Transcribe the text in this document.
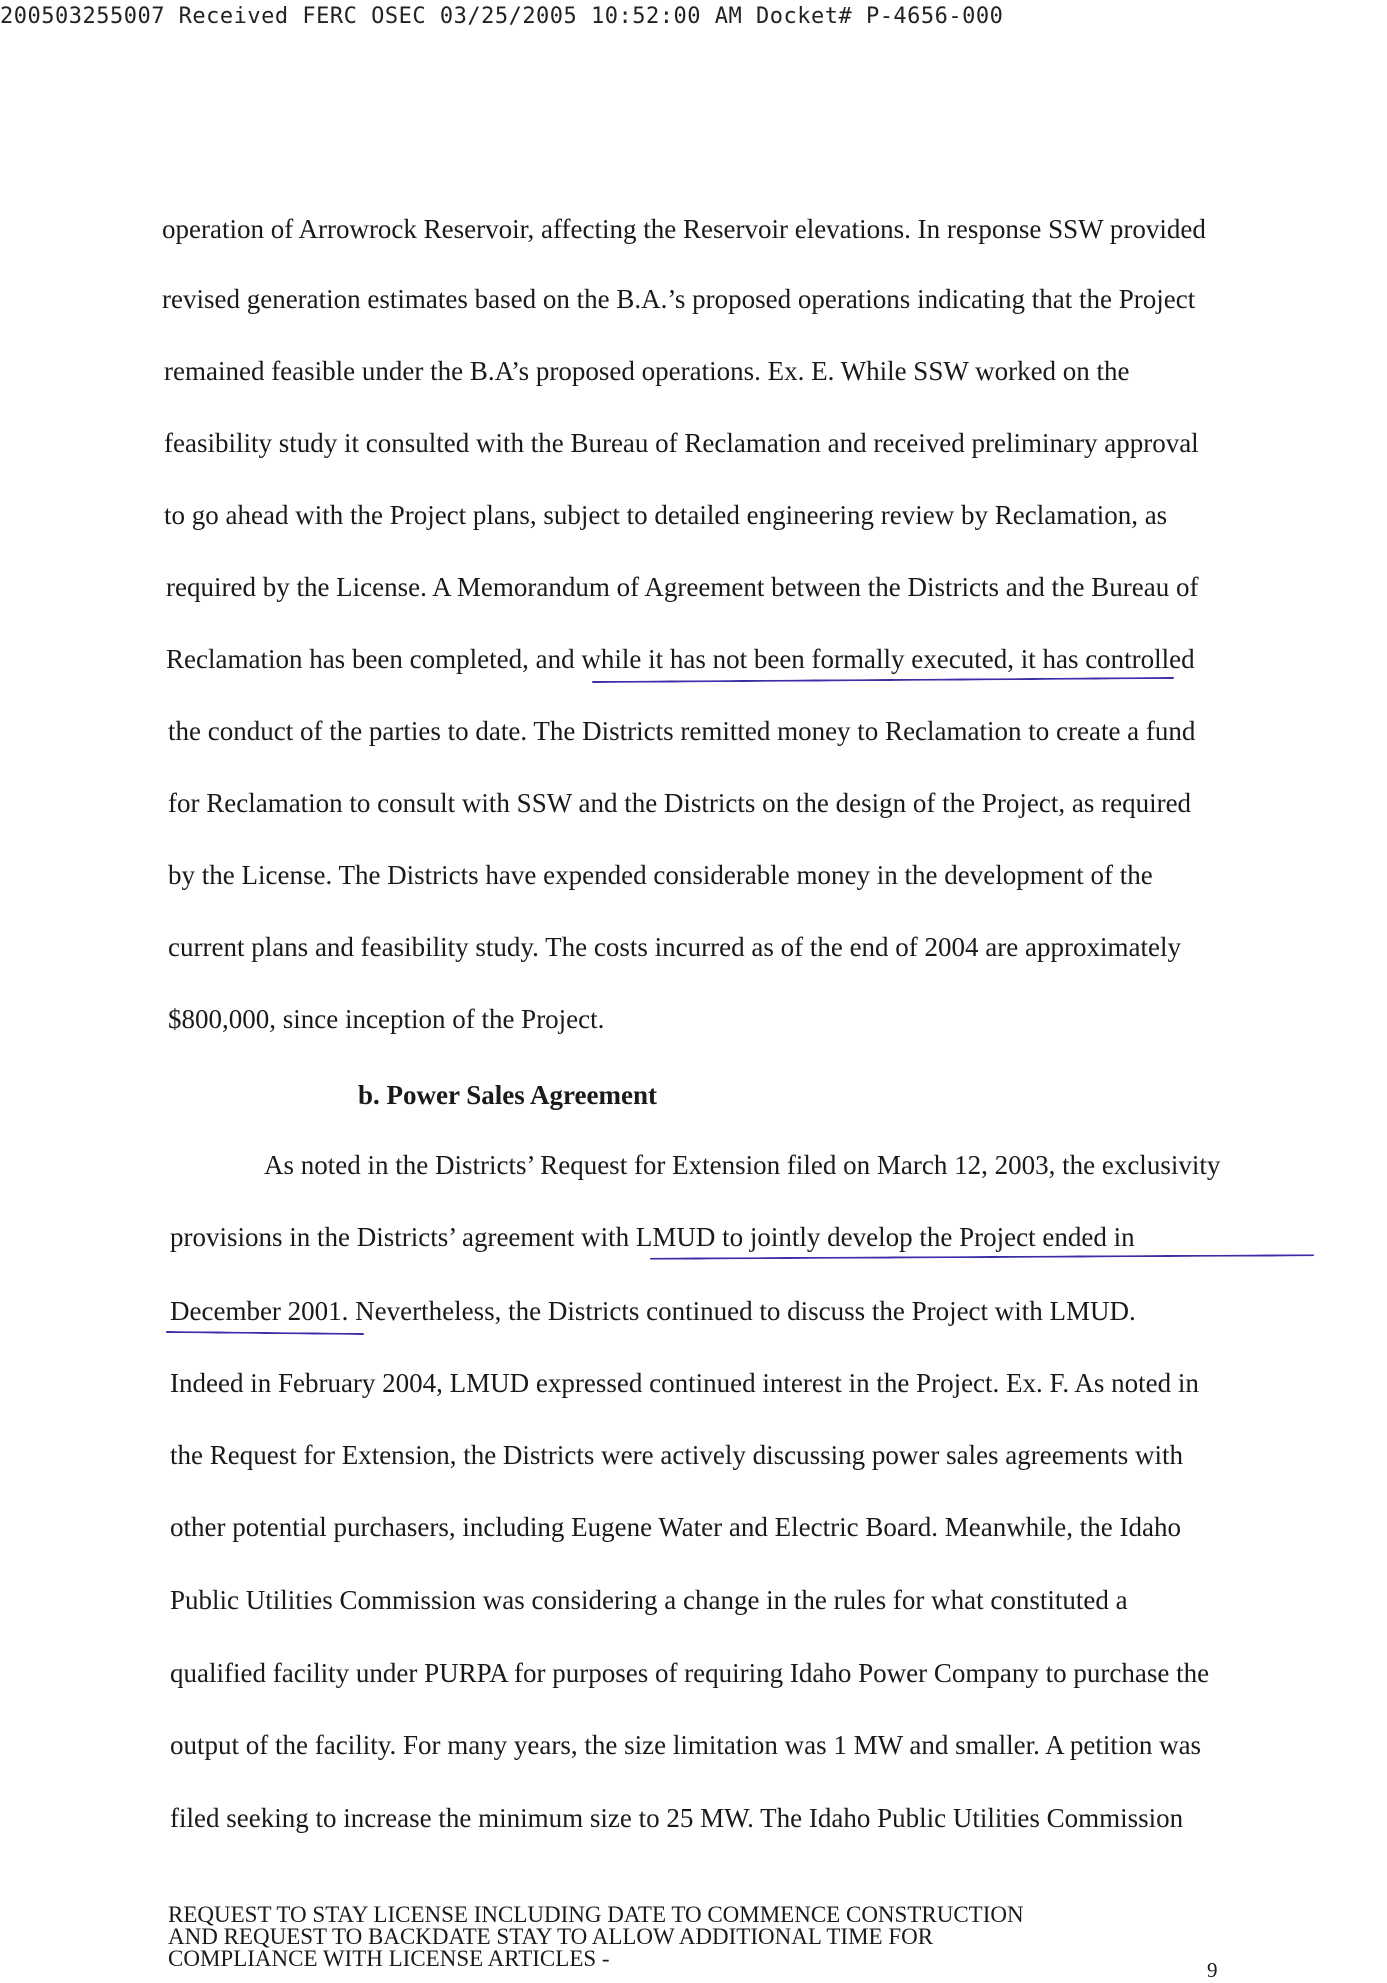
200503255007 Received FERC OSEC 03/25/2005 10:52:00 AM Docket# P-4656-000
operation of Arrowrock Reservoir, affecting the Reservoir elevations. In response SSW provided
revised generation estimates based on the B.A.’s proposed operations indicating that the Project
remained feasible under the B.A’s proposed operations. Ex. E. While SSW worked on the
feasibility study it consulted with the Bureau of Reclamation and received preliminary approval
to go ahead with the Project plans, subject to detailed engineering review by Reclamation, as
required by the License. A Memorandum of Agreement between the Districts and the Bureau of
Reclamation has been completed, and while it has not been formally executed, it has controlled
the conduct of the parties to date. The Districts remitted money to Reclamation to create a fund
for Reclamation to consult with SSW and the Districts on the design of the Project, as required
by the License. The Districts have expended considerable money in the development of the
current plans and feasibility study. The costs incurred as of the end of 2004 are approximately
$800,000, since inception of the Project.
b. Power Sales Agreement
As noted in the Districts’ Request for Extension filed on March 12, 2003, the exclusivity
provisions in the Districts’ agreement with LMUD to jointly develop the Project ended in
December 2001. Nevertheless, the Districts continued to discuss the Project with LMUD.
Indeed in February 2004, LMUD expressed continued interest in the Project. Ex. F. As noted in
the Request for Extension, the Districts were actively discussing power sales agreements with
other potential purchasers, including Eugene Water and Electric Board. Meanwhile, the Idaho
Public Utilities Commission was considering a change in the rules for what constituted a
qualified facility under PURPA for purposes of requiring Idaho Power Company to purchase the
output of the facility. For many years, the size limitation was 1 MW and smaller. A petition was
filed seeking to increase the minimum size to 25 MW. The Idaho Public Utilities Commission
REQUEST TO STAY LICENSE INCLUDING DATE TO COMMENCE CONSTRUCTION
AND REQUEST TO BACKDATE STAY TO ALLOW ADDITIONAL TIME FOR
COMPLIANCE WITH LICENSE ARTICLES -	9
